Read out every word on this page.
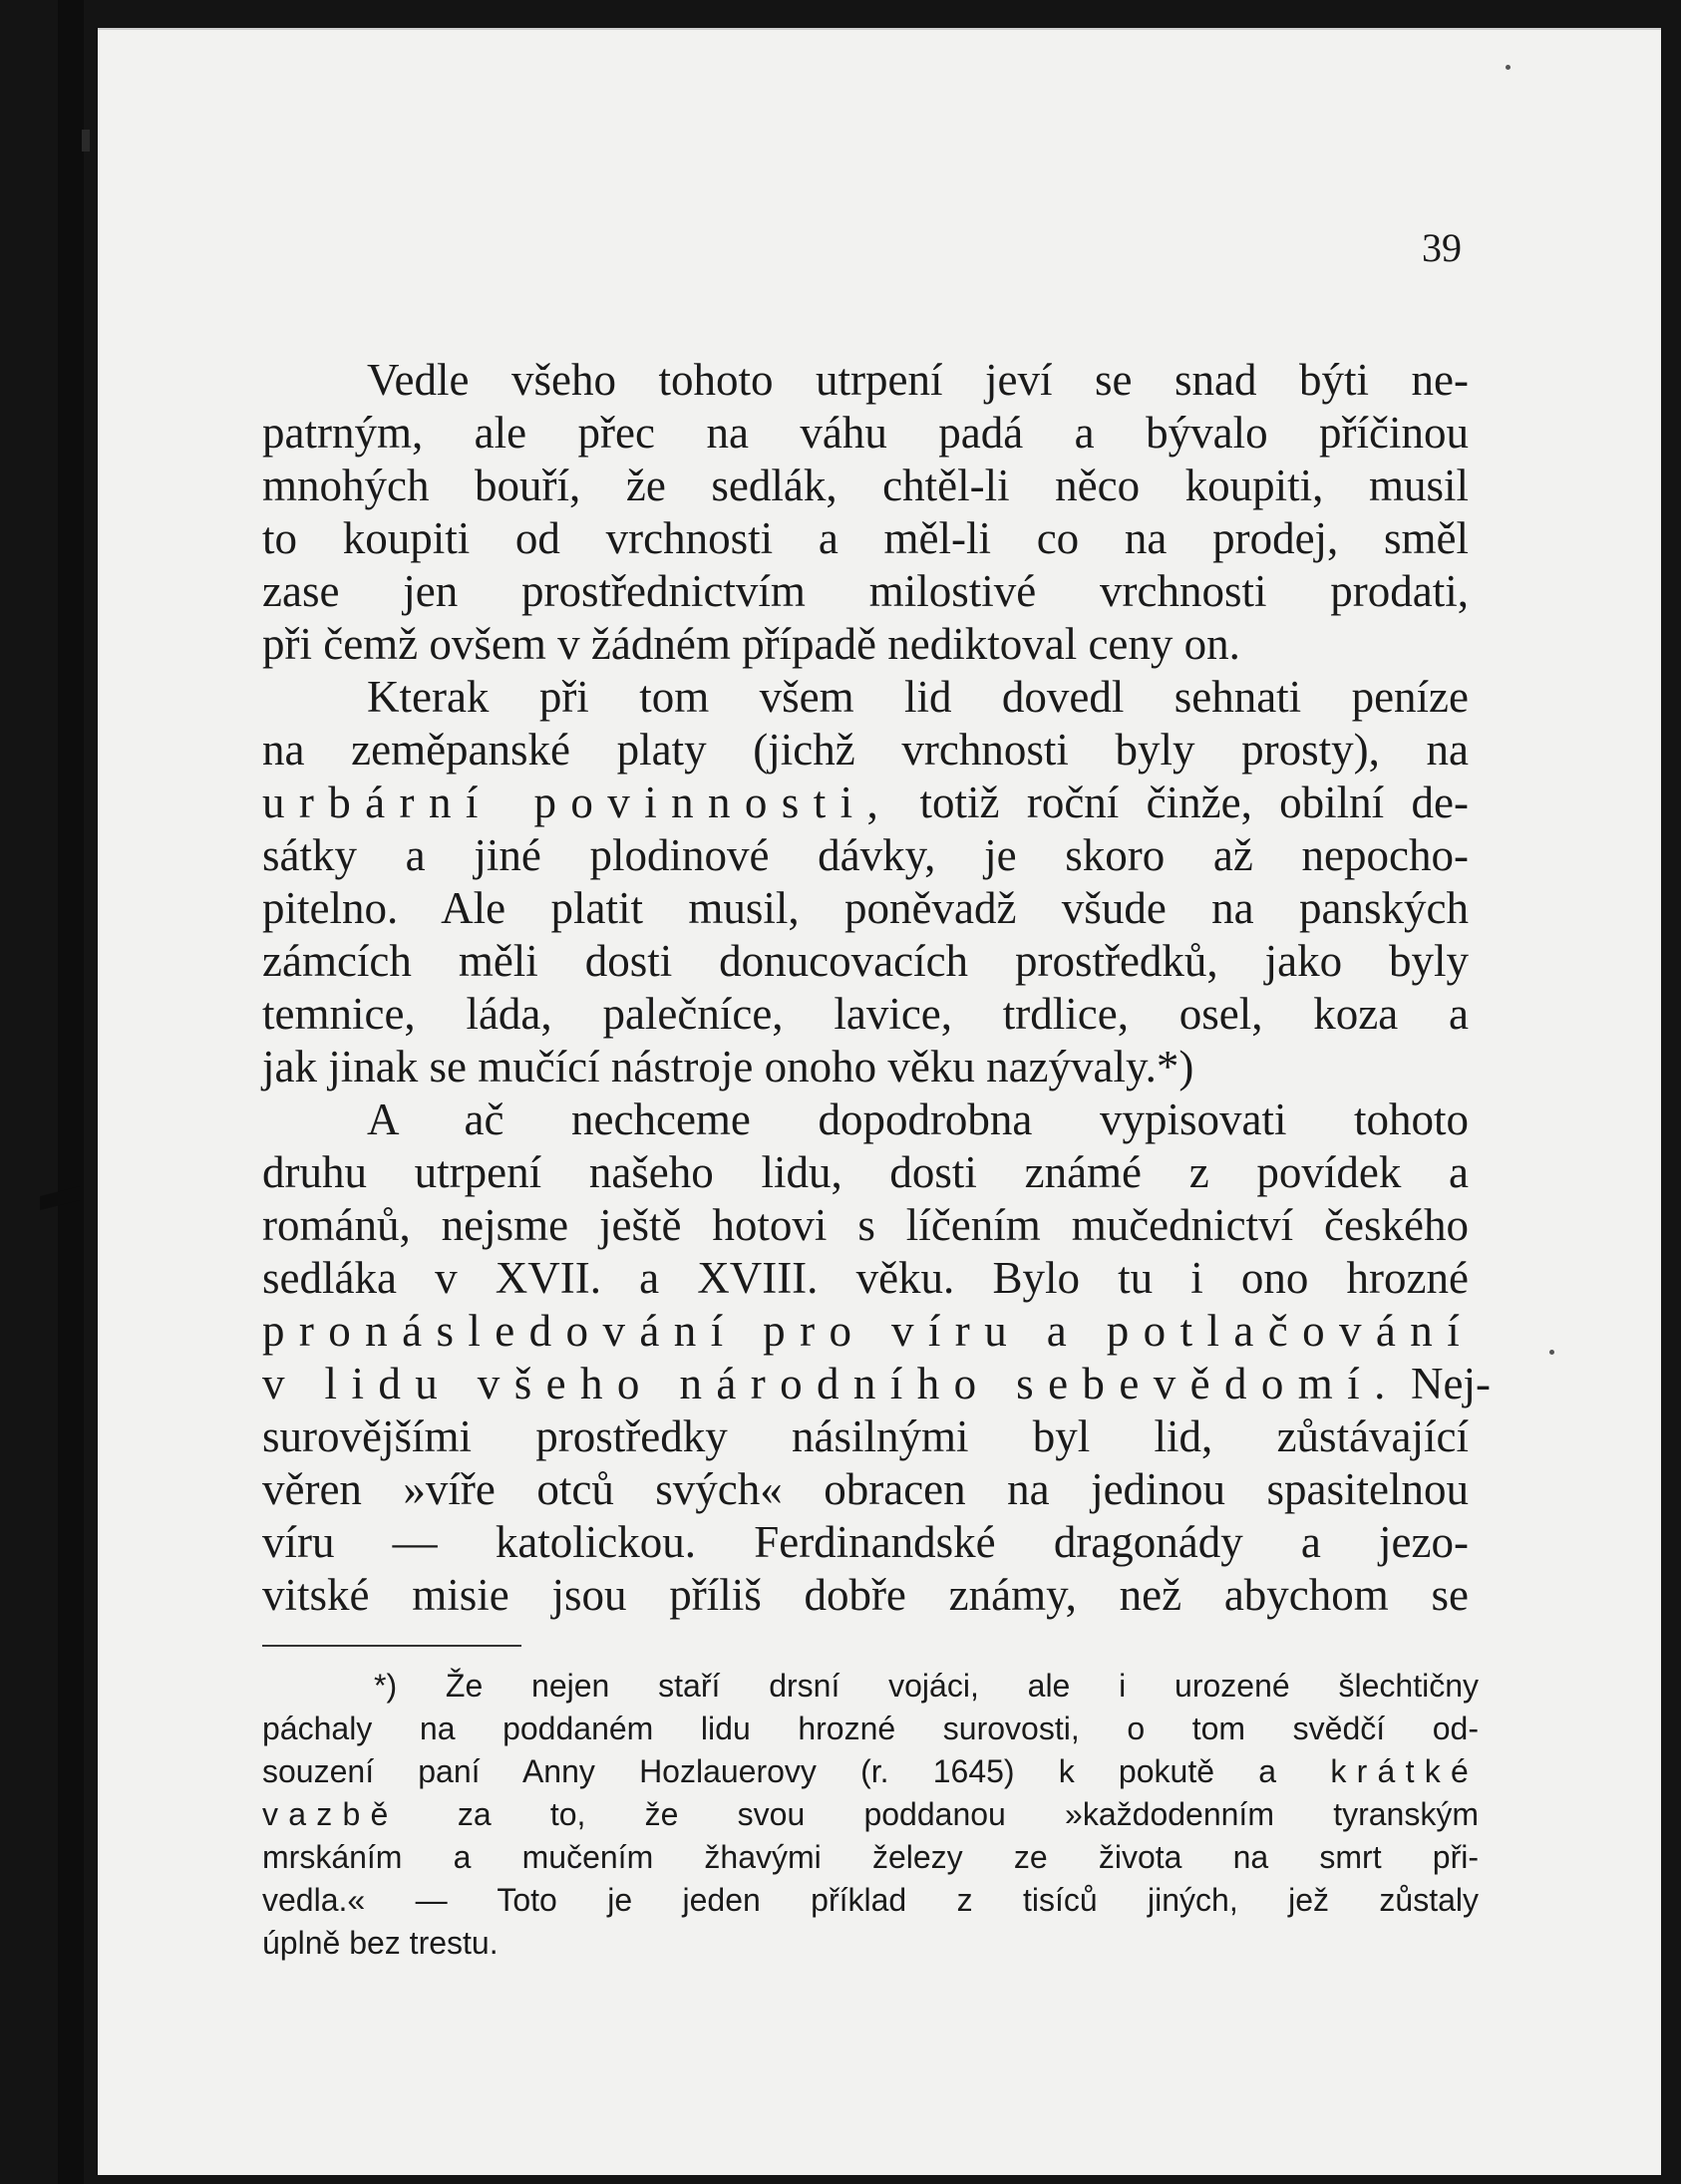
39
Vedle všeho tohoto utrpení jeví se snad býti ne-
patrným, ale přec na váhu padá a bývalo příčinou
mnohých bouří, že sedlák, chtěl-li něco koupiti, musil
to koupiti od vrchnosti a měl-li co na prodej, směl
zase jen prostřednictvím milostivé vrchnosti prodati,
při čemž ovšem v žádném případě nediktoval ceny on.
Kterak při tom všem lid dovedl sehnati peníze
na zeměpanské platy (jichž vrchnosti byly prosty), na
urbární povinnosti, totiž roční činže, obilní de-
sátky a jiné plodinové dávky, je skoro až nepocho-
pitelno. Ale platit musil, poněvadž všude na panských
zámcích měli dosti donucovacích prostředků, jako byly
temnice, láda, palečníce, lavice, trdlice, osel, koza a
jak jinak se mučící nástroje onoho věku nazývaly.*)
A ač nechceme dopodrobna vypisovati tohoto
druhu utrpení našeho lidu, dosti známé z povídek a
románů, nejsme ještě hotovi s líčením mučednictví českého
sedláka v XVII. a XVIII. věku. Bylo tu i ono hrozné
pronásledování pro víru a potlačování
v lidu všeho národního sebevědomí. Nej-
surovějšími prostředky násilnými byl lid, zůstávající
věren »víře otců svých« obracen na jedinou spasitelnou
víru — katolickou. Ferdinandské dragonády a jezo-
vitské misie jsou příliš dobře známy, než abychom se
*) Že nejen staří drsní vojáci, ale i urozené šlechtičny
páchaly na poddaném lidu hrozné surovosti, o tom svědčí od-
souzení paní Anny Hozlauerovy (r. 1645) k pokutě a krátké
vazbě za to, že svou poddanou »každodenním tyranským
mrskáním a mučením žhavými železy ze života na smrt při-
vedla.« — Toto je jeden příklad z tisíců jiných, jež zůstaly
úplně bez trestu.
